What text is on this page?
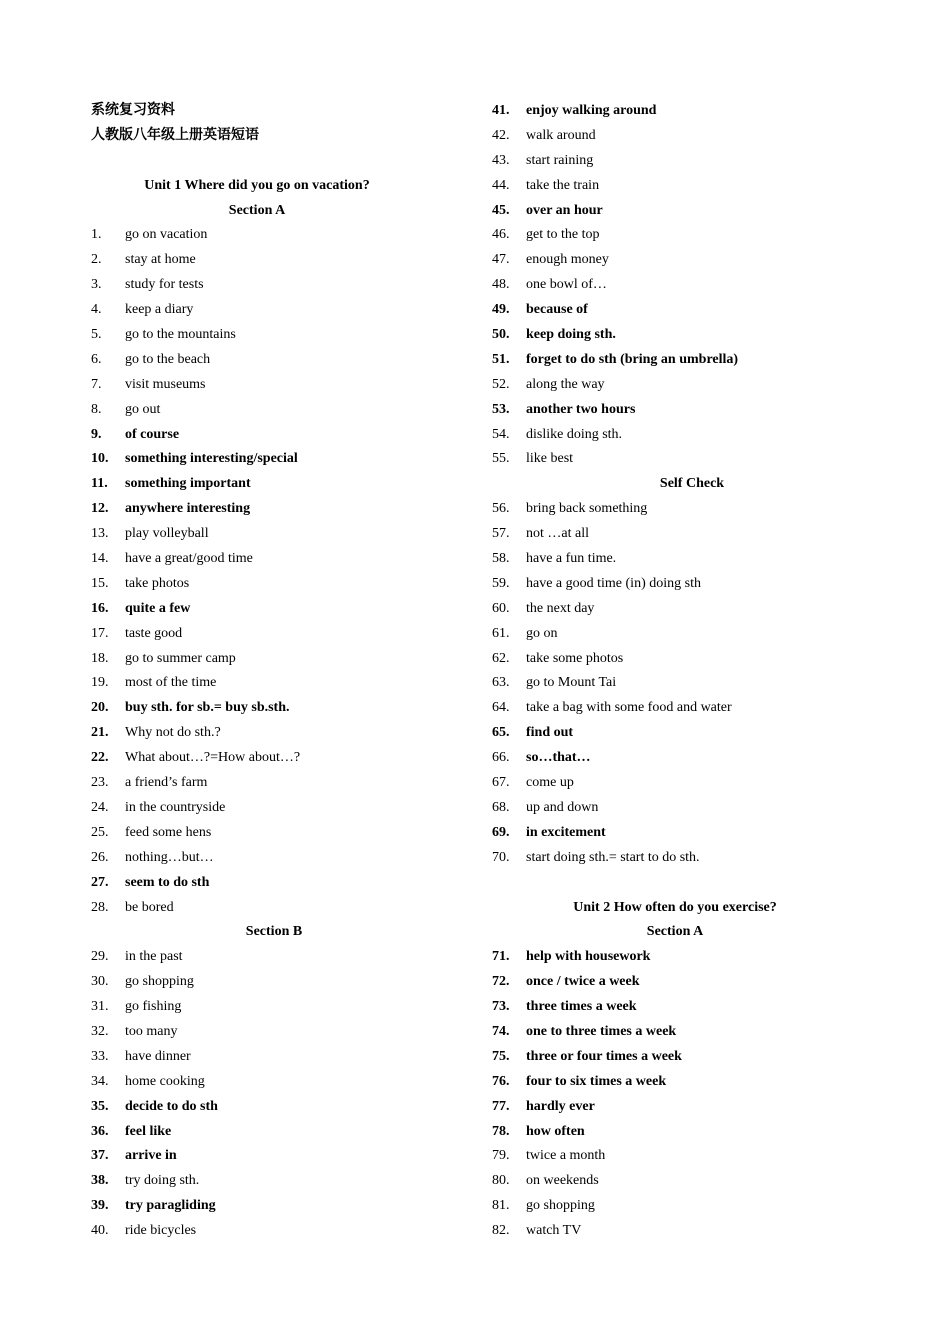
系统复习资料
人教版八年级上册英语短语
Unit 1 Where did you go on vacation?
Section A
1. go on vacation
2. stay at home
3. study for tests
4. keep a diary
5. go to the mountains
6. go to the beach
7. visit museums
8. go out
9. of course
10. something interesting/special
11. something important
12. anywhere interesting
13. play volleyball
14. have a great/good time
15. take photos
16. quite a few
17. taste good
18. go to summer camp
19. most of the time
20. buy sth. for sb.= buy sb.sth.
21. Why not do sth.?
22. What about…?=How about…?
23. a friend’s farm
24. in the countryside
25. feed some hens
26. nothing…but…
27. seem to do sth
28. be bored
Section B
29. in the past
30. go shopping
31. go fishing
32. too many
33. have dinner
34. home cooking
35. decide to do sth
36. feel like
37. arrive in
38. try doing sth.
39. try paragliding
40. ride bicycles
41. enjoy walking around
42. walk around
43. start raining
44. take the train
45. over an hour
46. get to the top
47. enough money
48. one bowl of…
49. because of
50. keep doing sth.
51. forget to do sth (bring an umbrella)
52. along the way
53. another two hours
54. dislike doing sth.
55. like best
Self Check
56. bring back something
57. not …at all
58. have a fun time.
59. have a good time (in) doing sth
60. the next day
61. go on
62. take some photos
63. go to Mount Tai
64. take a bag with some food and water
65. find out
66. so…that…
67. come up
68. up and down
69. in excitement
70. start doing sth.= start to do sth.
Unit 2 How often do you exercise?
Section A
71. help with housework
72. once / twice a week
73. three times a week
74. one to three times a week
75. three or four times a week
76. four to six times a week
77. hardly ever
78. how often
79. twice a month
80. on weekends
81. go shopping
82. watch TV
